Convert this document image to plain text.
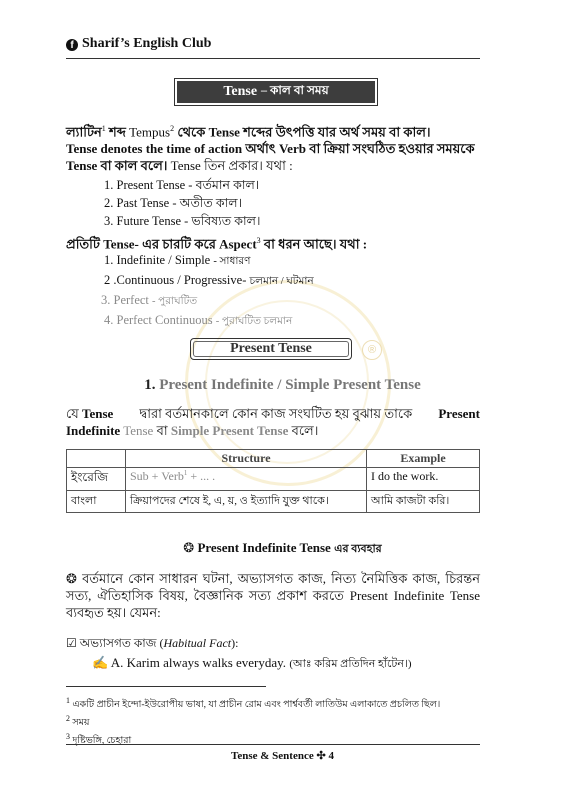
®
f Sharif’s English Club
Tense – কাল বা সময়
ল্যাটিন$^1$ শব্দ Tempus$^2$ থেকে Tense শব্দের উৎপত্তি যার অর্থ সময় বা কাল।
Tense denotes the time of action অর্থাৎ Verb বা ক্রিয়া সংঘঠিত হওয়ার সময়কে
Tense বা কাল বলে। Tense তিন প্রকার। যথা :
1. Present Tense - বর্তমান কাল।
2. Past Tense - অতীত কাল।
3. Future Tense - ভবিষ্যত কাল।
প্রতিটি Tense- এর চারটি করে Aspect$^3$ বা ধরন আছে। যথা :
1. Indefinite / Simple - সাধারণ
2 .Continuous / Progressive- চলমান / ঘটমান
3. Perfect - পুরাঘটিত
4. Perfect Continuous - পুরাঘটিত চলমান
Present Tense
1. Present Indefinite / Simple Present Tense
যে Tense দ্বারা বর্তমানকালে কোন কাজ সংঘটিত হয় বুঝায় তাকে Present
Indefinite Tense বা Simple Present Tense বলে।
	Structure	Example
ইংরেজি	Sub + Verb$^1$ + ... .	I do the work.
বাংলা	ক্রিয়াপদের শেষে ই, এ, য়, ও ইত্যাদি যুক্ত থাকে।	আমি কাজটা করি।
❂ Present Indefinite Tense এর ব্যবহার
❂ বর্তমানে কোন সাধারন ঘটনা, অভ্যাসগত কাজ, নিত্য নৈমিত্তিক কাজ, চিরন্তন সত্য, ঐতিহাসিক বিষয়, বৈজ্ঞানিক সত্য প্রকাশ করতে Present Indefinite Tense ব্যবহৃত হয়। যেমন:
☑ অভ্যাসগত কাজ (Habitual Fact):
✍ A. Karim always walks everyday. (আঃ করিম প্রতিদিন হাঁটেন।)
$^1$ একটি প্রাচীন ইন্দো-ইউরোপীয় ভাষা, যা প্রাচীন রোম এবং পার্শ্ববর্তী লাতিউম এলাকাতে প্রচলিত ছিল।
$^2$ সময়
$^3$ দৃষ্টিভঙ্গি, চেহারা
Tense & Sentence ✣ 4
